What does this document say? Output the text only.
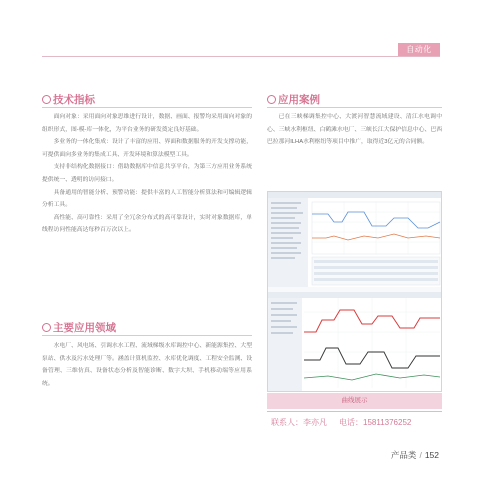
自动化
技术指标

面向对象：采用面向对象思维进行设计，数据、画面、报警均采用面向对象的组织形式，图-模-库一体化，为平台业务的研发奠定良好基础。

多业务的一体化集成：设计了丰富的应用、界面和数据服务的开发支撑功能，可提供面向多业务的集成工具、开发环境和算法模型工具。

支持非结构化数据接口：借助数据库中信息共享平台，为第三方应用业务系统提供统一、透明的访问接口。

具备通用的智能分析、预警功能：提供丰富的人工智能分析算法和可编辑逻辑分析工具。

高性能、高可靠性：采用了全冗余分布式的高可靠设计，实时对象数据库，单线程访问性能高达每秒百万次以上。

主要应用领域

水电厂、风电场、引调水水工程、流域梯级水库调控中心、新能源集控、大型泵站、供水及污水处理厂等。涵盖计算机监控、水库优化调度、工程安全监测、设备管理、三维仿真、设备状态分析及智能诊断、数字大坝、手机移动端等应用系统。

应用案例

已在三峡梯调集控中心、大渡河智慧流域建设、清江水电调中心、三峡水利枢纽、白鹤滩水电厂、三峡长江大保护信息中心、巴西巴拉那河ILHA水利枢纽等项目中推广，取得近3亿元的合同额。

曲线展示
联系人：李亦凡 电话：15811376252
产品类 / 152
